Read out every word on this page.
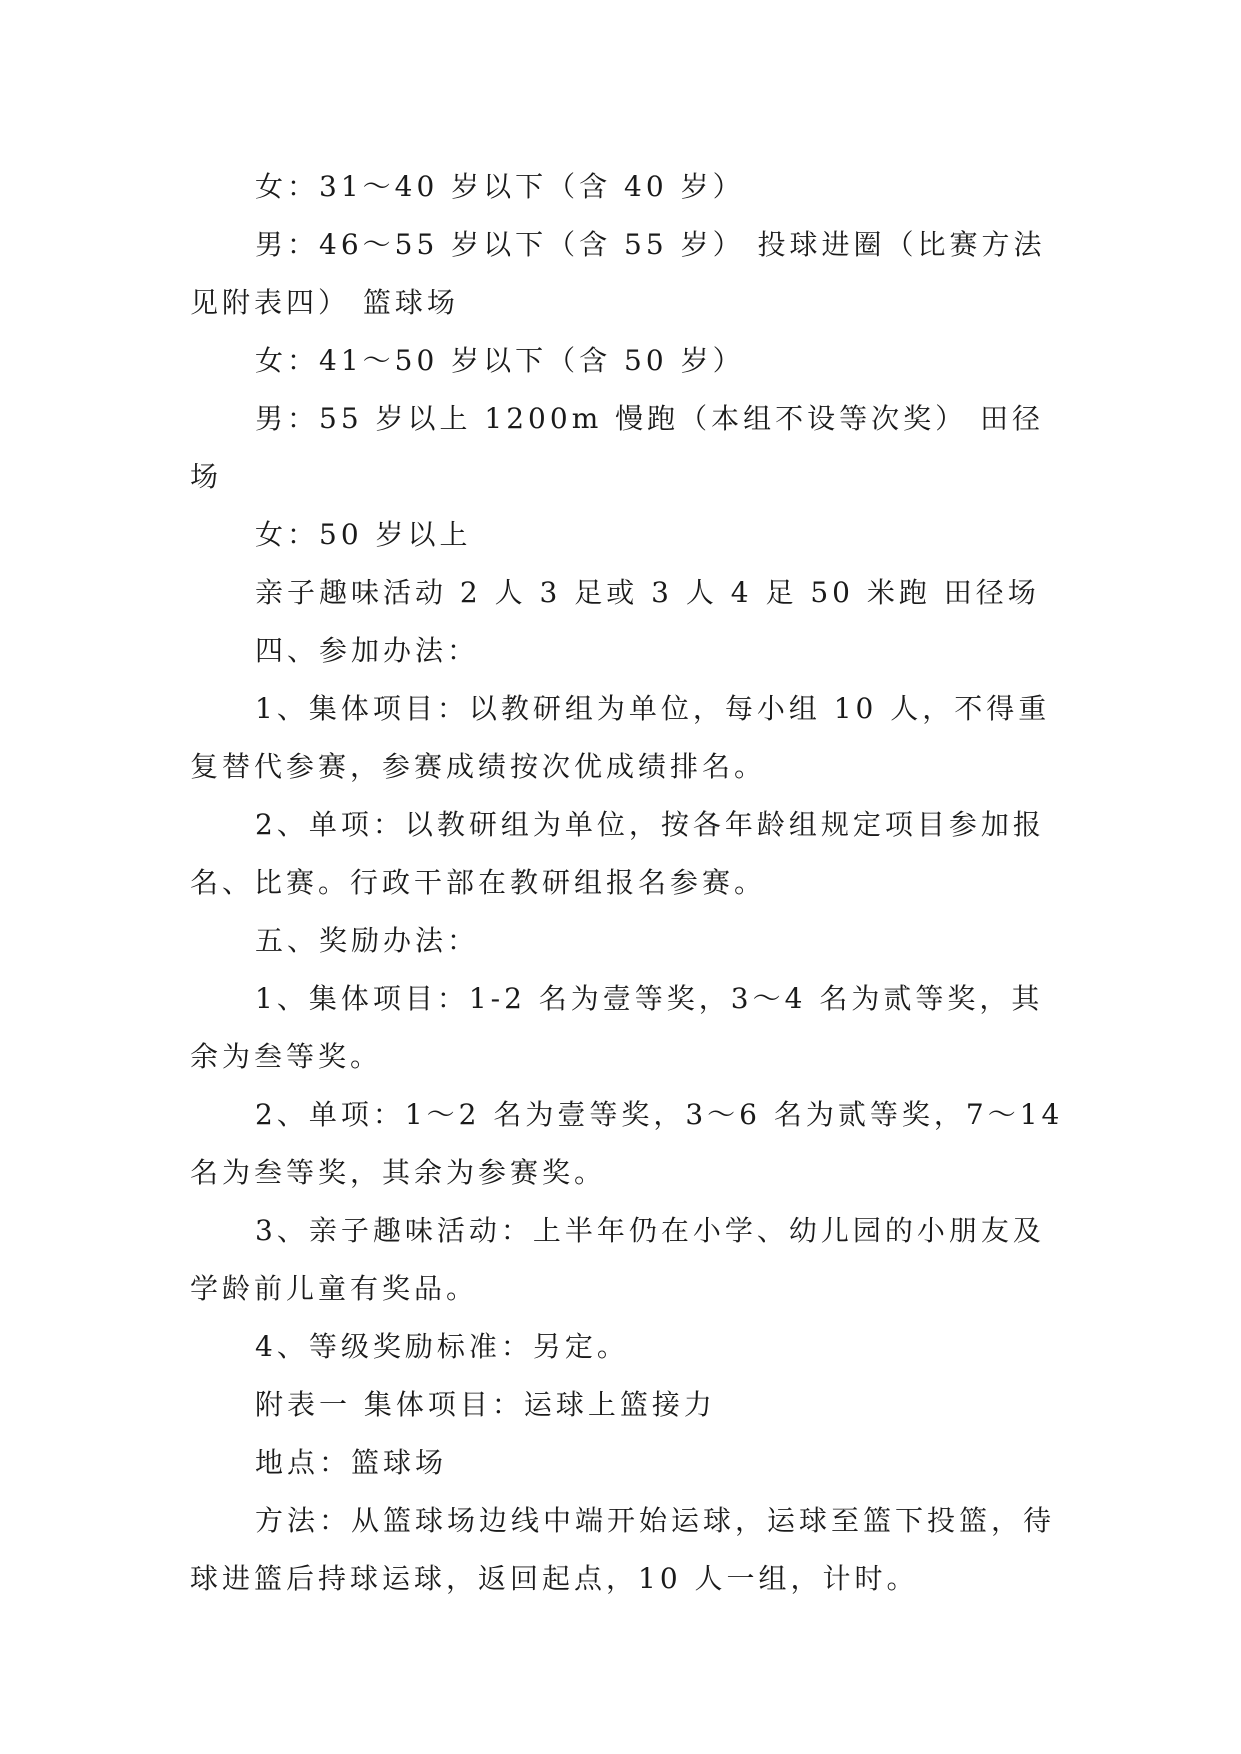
女：31～40 岁以下（含 40 岁）

男：46～55 岁以下（含 55 岁） 投球进圈（比赛方法见附表四） 篮球场

女：41～50 岁以下（含 50 岁）

男：55 岁以上 1200m 慢跑（本组不设等次奖） 田径场

女：50 岁以上

亲子趣味活动 2 人 3 足或 3 人 4 足 50 米跑 田径场

四、参加办法：

1、集体项目：以教研组为单位，每小组 10 人，不得重复替代参赛，参赛成绩按次优成绩排名。

2、单项：以教研组为单位，按各年龄组规定项目参加报名、比赛。行政干部在教研组报名参赛。

五、奖励办法：

1、集体项目：1-2 名为壹等奖，3～4 名为贰等奖，其余为叁等奖。

2、单项：1～2 名为壹等奖，3～6 名为贰等奖，7～14 名为叁等奖，其余为参赛奖。

3、亲子趣味活动：上半年仍在小学、幼儿园的小朋友及学龄前儿童有奖品。

4、等级奖励标准：另定。

附表一 集体项目：运球上篮接力

地点：篮球场

方法：从篮球场边线中端开始运球，运球至篮下投篮，待球进篮后持球运球，返回起点，10 人一组，计时。
